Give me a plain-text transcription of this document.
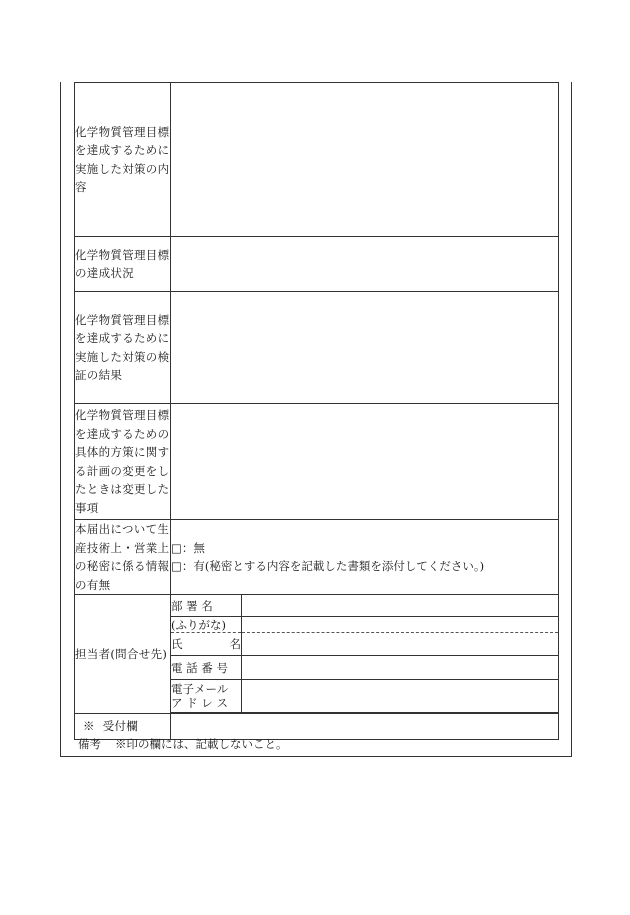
化学物質管理目標を達成するために実施した対策の内容		
化学物質管理目標の達成状況		
化学物質管理目標を達成するために実施した対策の検証の結果		
化学物質管理目標を達成するための具体的方策に関する計画の変更をしたときは変更した事項		
本届出について生産技術上・営業上の秘密に係る情報の有無	□：無
□：有(秘密とする内容を記載した書類を添付してください。)	

担当者(問合せ先)	部 署 名	
	(ふりがな)	

	氏 名	

	電 話 番 号	

	電子メール
ア ド レ ス	

※  受付欄		
備考 ※印の欄には、記載しないこと。
